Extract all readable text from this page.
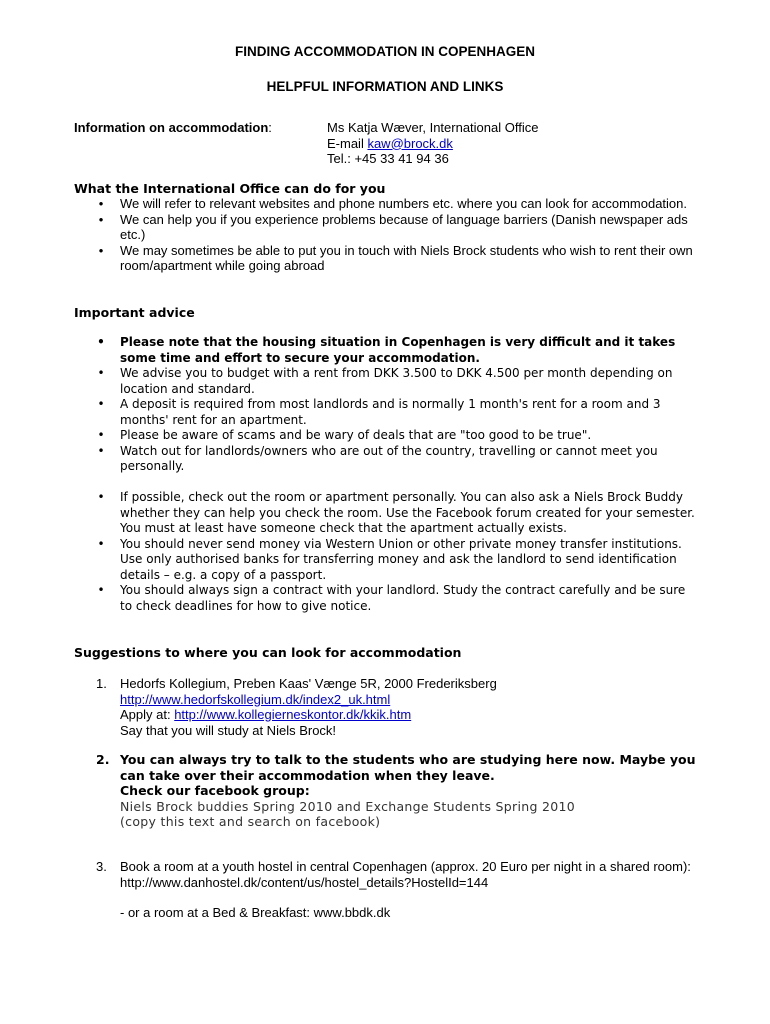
FINDING ACCOMMODATION IN COPENHAGEN
HELPFUL INFORMATION AND LINKS
Information on accommodation:	Ms Katja Wæver, International Office
E-mail kaw@brock.dk
Tel.: +45 33 41 94 36
What the International Office can do for you
• We will refer to relevant websites and phone numbers etc. where you can look for accommodation.
• We can help you if you experience problems because of language barriers (Danish newspaper ads etc.)
• We may sometimes be able to put you in touch with Niels Brock students who wish to rent their own room/apartment while going abroad
Important advice
• Please note that the housing situation in Copenhagen is very difficult and it takes some time and effort to secure your accommodation.
• We advise you to budget with a rent from DKK 3.500 to DKK 4.500 per month depending on location and standard.
• A deposit is required from most landlords and is normally 1 month's rent for a room and 3 months' rent for an apartment.
• Please be aware of scams and be wary of deals that are "too good to be true".
• Watch out for landlords/owners who are out of the country, travelling or cannot meet you personally.
• If possible, check out the room or apartment personally. You can also ask a Niels Brock Buddy whether they can help you check the room. Use the Facebook forum created for your semester. You must at least have someone check that the apartment actually exists.
• You should never send money via Western Union or other private money transfer institutions. Use only authorised banks for transferring money and ask the landlord to send identification details – e.g. a copy of a passport.
• You should always sign a contract with your landlord. Study the contract carefully and be sure to check deadlines for how to give notice.
Suggestions to where you can look for accommodation
1. Hedorfs Kollegium, Preben Kaas' Vænge 5R, 2000 Frederiksberg
http://www.hedorfskollegium.dk/index2_uk.html
Apply at: http://www.kollegierneskontor.dk/kkik.htm
Say that you will study at Niels Brock!
2. You can always try to talk to the students who are studying here now. Maybe you can take over their accommodation when they leave.
Check our facebook group:
Niels Brock buddies Spring 2010 and Exchange Students Spring 2010
(copy this text and search on facebook)
3. Book a room at a youth hostel in central Copenhagen (approx. 20 Euro per night in a shared room): http://www.danhostel.dk/content/us/hostel_details?HostelId=144
- or a room at a Bed & Breakfast: www.bbdk.dk
